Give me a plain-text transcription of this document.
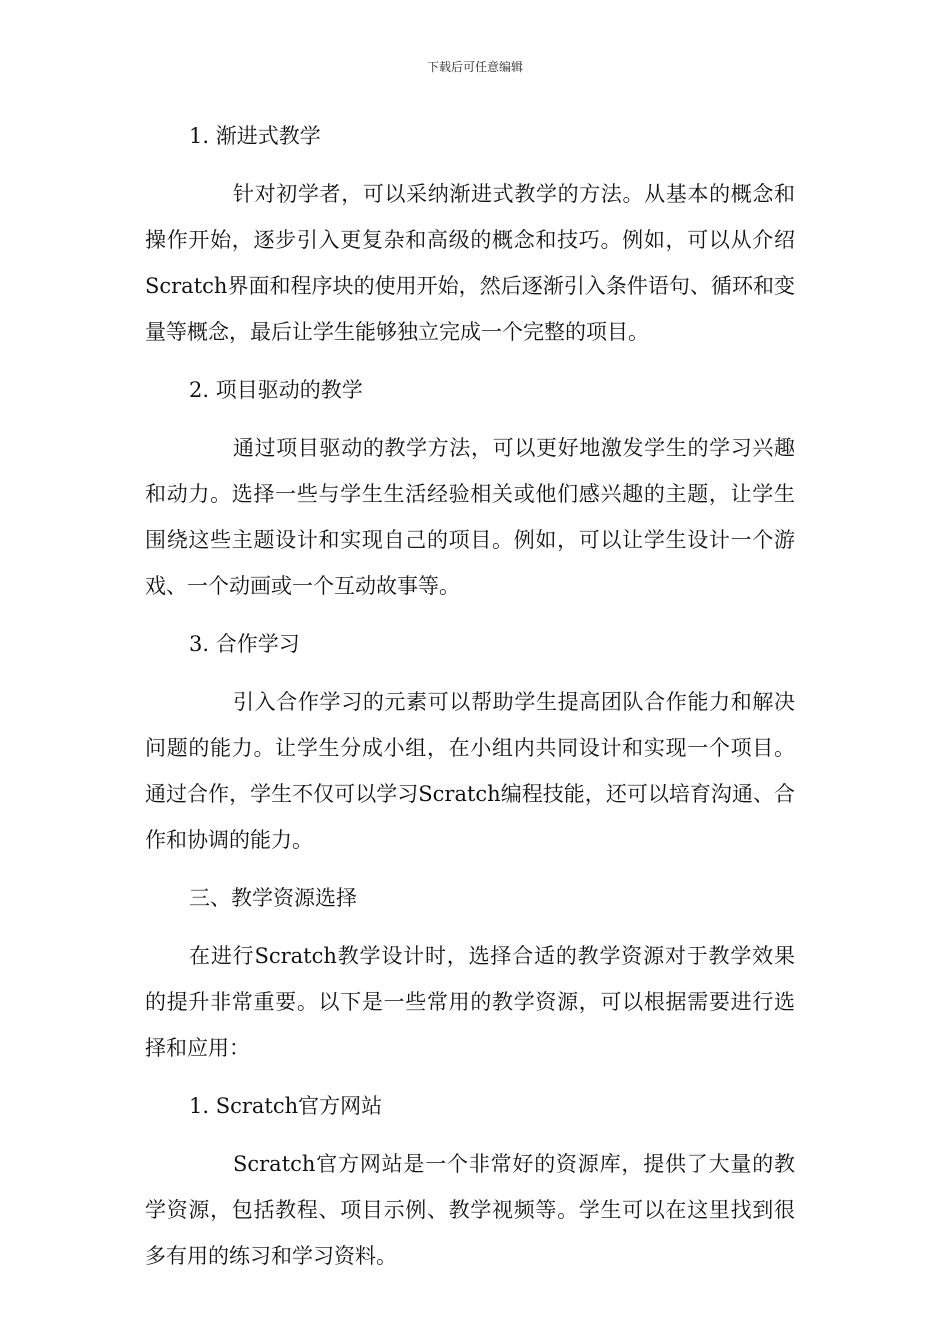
下载后可任意编辑
1. 渐进式教学
针对初学者，可以采纳渐进式教学的方法。从基本的概念和操作开始，逐步引入更复杂和高级的概念和技巧。例如，可以从介绍Scratch界面和程序块的使用开始，然后逐渐引入条件语句、循环和变量等概念，最后让学生能够独立完成一个完整的项目。
2. 项目驱动的教学
通过项目驱动的教学方法，可以更好地激发学生的学习兴趣和动力。选择一些与学生生活经验相关或他们感兴趣的主题，让学生围绕这些主题设计和实现自己的项目。例如，可以让学生设计一个游戏、一个动画或一个互动故事等。
3. 合作学习
引入合作学习的元素可以帮助学生提高团队合作能力和解决问题的能力。让学生分成小组，在小组内共同设计和实现一个项目。通过合作，学生不仅可以学习Scratch编程技能，还可以培育沟通、合作和协调的能力。
三、教学资源选择
在进行Scratch教学设计时，选择合适的教学资源对于教学效果的提升非常重要。以下是一些常用的教学资源，可以根据需要进行选择和应用：
1. Scratch官方网站
Scratch官方网站是一个非常好的资源库，提供了大量的教学资源，包括教程、项目示例、教学视频等。学生可以在这里找到很多有用的练习和学习资料。
